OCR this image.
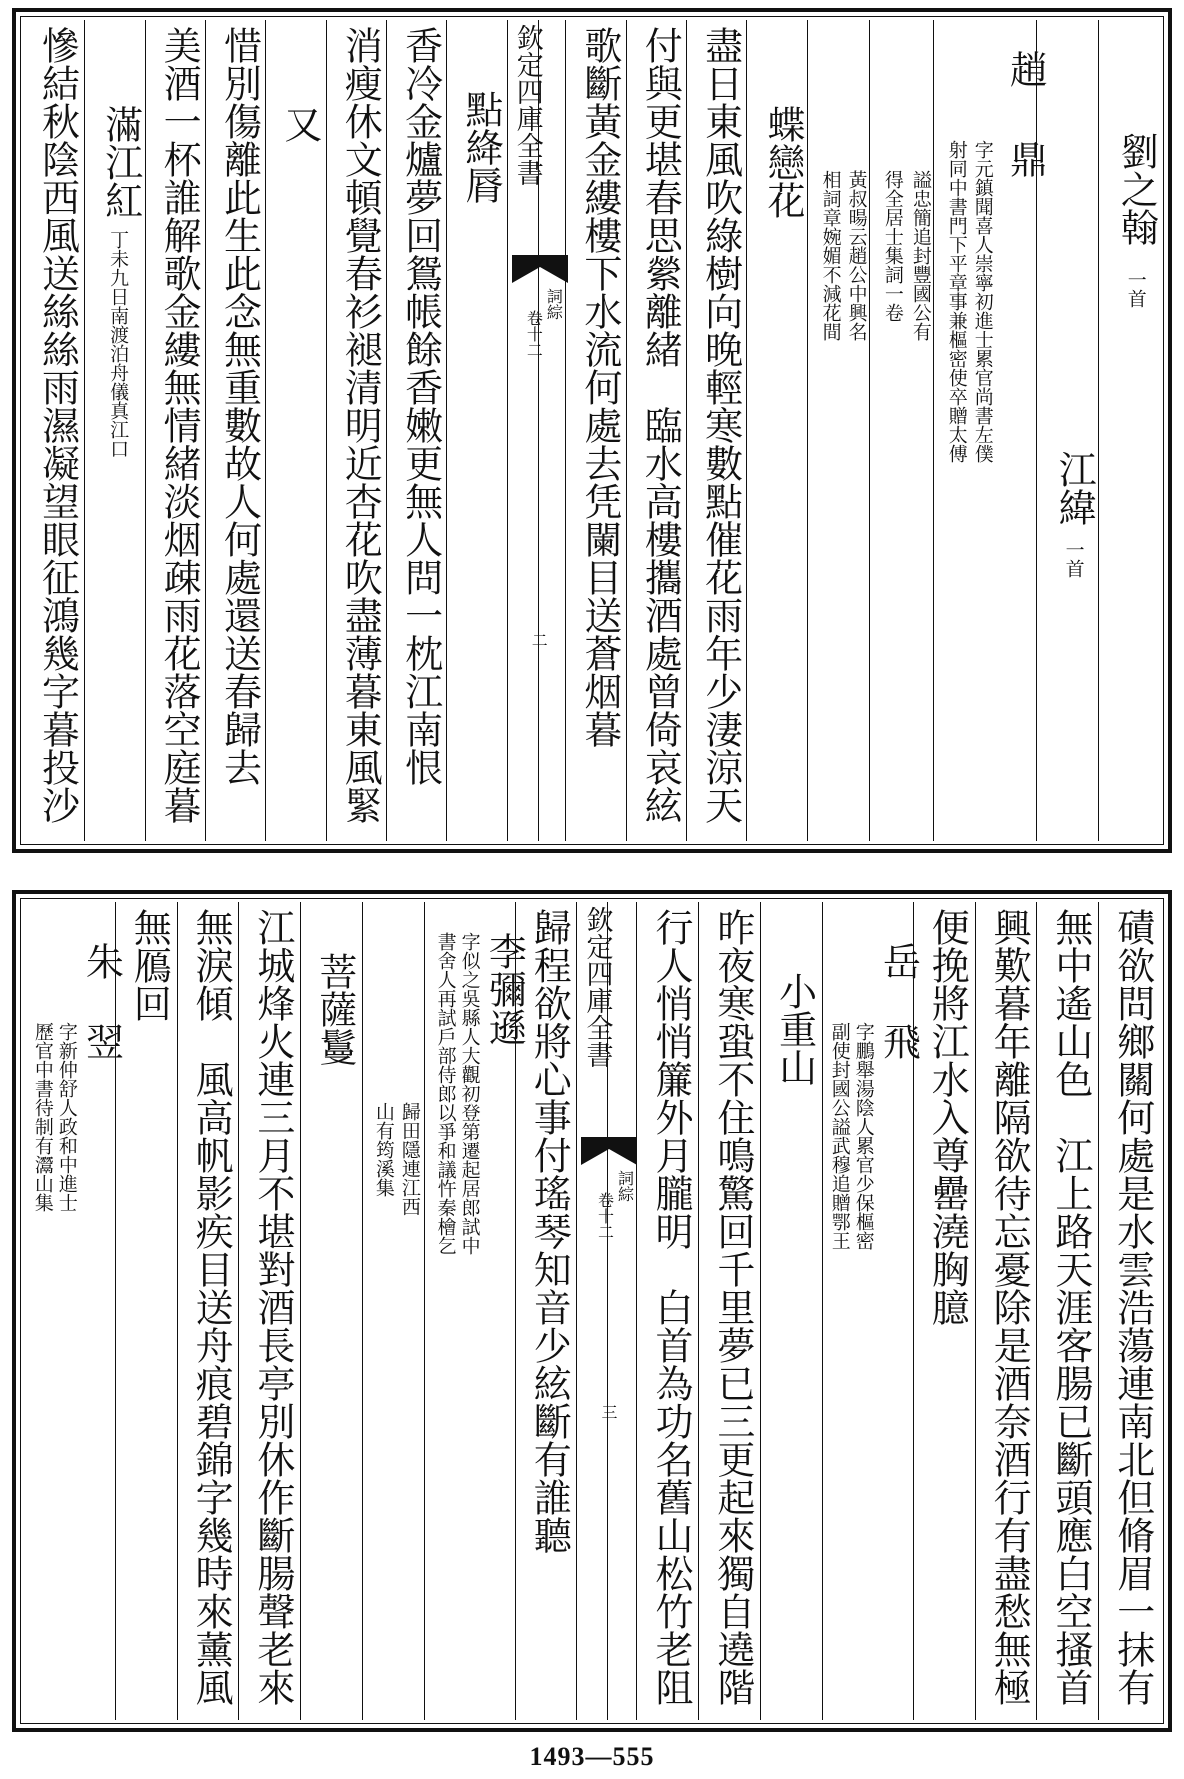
劉之翰
一首
江緯
一首
趙
鼎
字元鎮聞喜人崇寧初進士累官尚書左僕
射同中書門下平章事兼樞密使卒贈太傅
謚忠簡追封豐國公有
得全居士集詞一卷
黃叔暘云趙公中興名
相詞章婉媚不減花間
蝶戀花
盡日東風吹綠樹向晚輕寒數點催花雨年少淒涼天
付與更堪春思縈離緒　臨水高樓攜酒處曾倚哀絃
歌斷黃金縷樓下水流何處去凭闌目送蒼烟暮
欽定四庫全書
詞綜
卷十二
二
點絳脣
香冷金爐夢回鴛帳餘香嫩更無人問一枕江南恨
消瘦休文頓覺春衫褪清明近杏花吹盡薄暮東風緊
又
惜別傷離此生此念無重數故人何處還送春歸去
美酒一杯誰解歌金縷無情緒淡烟疎雨花落空庭暮
滿江紅
丁未九日南渡泊舟儀真江口
慘結秋陰西風送絲絲雨濕凝望眼征鴻幾字暮投沙
磧欲問鄉關何處是水雲浩蕩連南北但脩眉一抹有
無中遙山色　江上路天涯客腸已斷頭應白空搔首
興歎暮年離隔欲待忘憂除是酒奈酒行有盡愁無極
便挽將江水入尊罍澆胸臆
岳
飛
字鵬舉湯陰人累官少保樞密
副使封國公謚武穆追贈鄂王
小重山
昨夜寒蛩不住鳴驚回千里夢已三更起來獨自遶階
行人悄悄簾外月朧明　白首為功名舊山松竹老阻
欽定四庫全書
詞綜
卷十二
三
歸程欲將心事付瑤琴知音少絃斷有誰聽
李彌遜
字似之吳縣人大觀初登第遷起居郎試中
書舍人再試戶部侍郎以爭和議忤秦檜乞
歸田隱連江西
山有筠溪集
菩薩鬘
江城烽火連三月不堪對酒長亭別休作斷腸聲老來
無淚傾　風高帆影疾目送舟痕碧錦字幾時來薰風
無鴈回
朱
翌
字新仲舒人政和中進士
歷官中書待制有灊山集
1493—555
